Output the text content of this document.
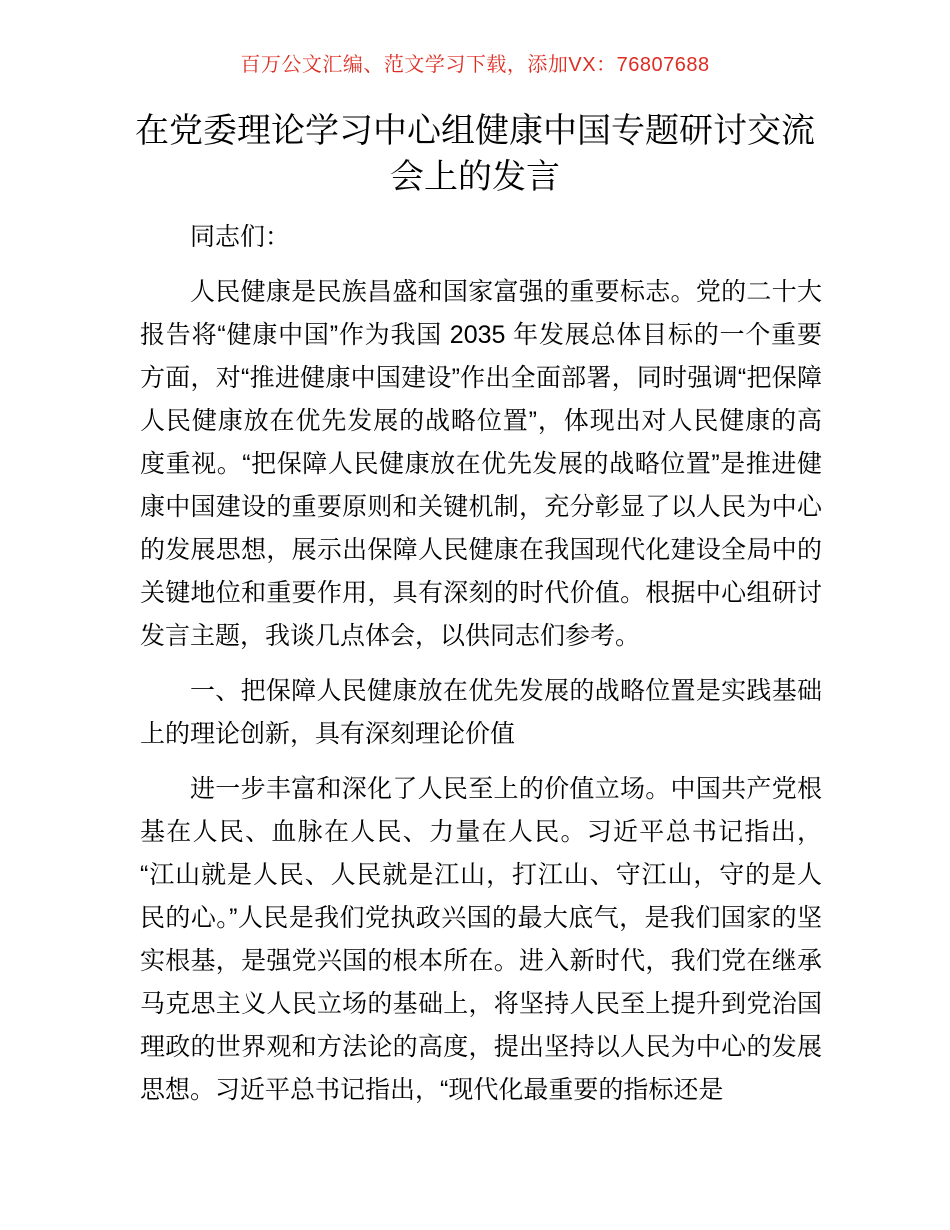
百万公文汇编、范文学习下载，添加VX：76807688
在党委理论学习中心组健康中国专题研讨交流会上的发言

同志们：

人民健康是民族昌盛和国家富强的重要标志。党的二十大报告将“健康中国”作为我国 2035 年发展总体目标的一个重要方面，对“推进健康中国建设”作出全面部署，同时强调“把保障人民健康放在优先发展的战略位置”，体现出对人民健康的高度重视。“把保障人民健康放在优先发展的战略位置”是推进健康中国建设的重要原则和关键机制，充分彰显了以人民为中心的发展思想，展示出保障人民健康在我国现代化建设全局中的关键地位和重要作用，具有深刻的时代价值。根据中心组研讨发言主题，我谈几点体会，以供同志们参考。

一、把保障人民健康放在优先发展的战略位置是实践基础上的理论创新，具有深刻理论价值

进一步丰富和深化了人民至上的价值立场。中国共产党根基在人民、血脉在人民、力量在人民。习近平总书记指出，“江山就是人民、人民就是江山，打江山、守江山，守的是人民的心。”人民是我们党执政兴国的最大底气，是我们国家的坚实根基，是强党兴国的根本所在。进入新时代，我们党在继承马克思主义人民立场的基础上，将坚持人民至上提升到党治国理政的世界观和方法论的高度，提出坚持以人民为中心的发展思想。习近平总书记指出，“现代化最重要的指标还是
